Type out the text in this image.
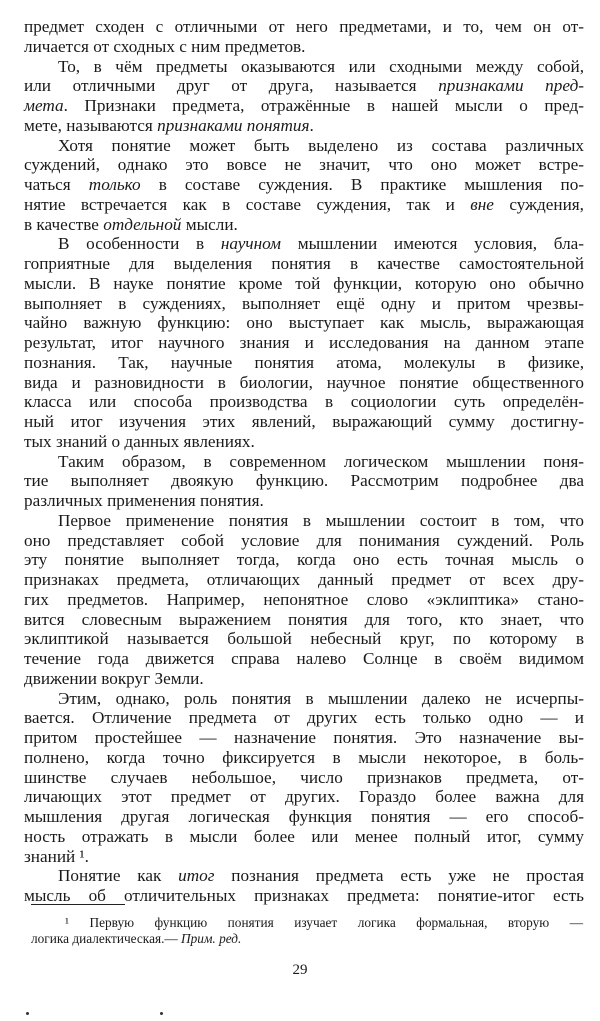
предмет сходен с отличными от него предметами, и то, чем он от-
личается от сходных с ним предметов.
То, в чём предметы оказываются или сходными между собой,
или отличными друг от друга, называется признаками пред-
мета. Признаки предмета, отражённые в нашей мысли о пред-
мете, называются признаками понятия.
Хотя понятие может быть выделено из состава различных
суждений, однако это вовсе не значит, что оно может встре-
чаться только в составе суждения. В практике мышления по-
нятие встречается как в составе суждения, так и вне суждения,
в качестве отдельной мысли.
В особенности в научном мышлении имеются условия, бла-
гоприятные для выделения понятия в качестве самостоятельной
мысли. В науке понятие кроме той функции, которую оно обычно
выполняет в суждениях, выполняет ещё одну и притом чрезвы-
чайно важную функцию: оно выступает как мысль, выражающая
результат, итог научного знания и исследования на данном этапе
познания. Так, научные понятия атома, молекулы в физике,
вида и разновидности в биологии, научное понятие общественного
класса или способа производства в социологии суть определён-
ный итог изучения этих явлений, выражающий сумму достигну-
тых знаний о данных явлениях.
Таким образом, в современном логическом мышлении поня-
тие выполняет двоякую функцию. Рассмотрим подробнее два
различных применения понятия.
Первое применение понятия в мышлении состоит в том, что
оно представляет собой условие для понимания суждений. Роль
эту понятие выполняет тогда, когда оно есть точная мысль о
признаках предмета, отличающих данный предмет от всех дру-
гих предметов. Например, непонятное слово «эклиптика» стано-
вится словесным выражением понятия для того, кто знает, что
эклиптикой называется большой небесный круг, по которому в
течение года движется справа налево Солнце в своём видимом
движении вокруг Земли.
Этим, однако, роль понятия в мышлении далеко не исчерпы-
вается. Отличение предмета от других есть только одно — и
притом простейшее — назначение понятия. Это назначение вы-
полнено, когда точно фиксируется в мысли некоторое, в боль-
шинстве случаев небольшое, число признаков предмета, от-
личающих этот предмет от других. Гораздо более важна для
мышления другая логическая функция понятия — его способ-
ность отражать в мысли более или менее полный итог, сумму
знаний ¹.
Понятие как итог познания предмета есть уже не простая
мысль об отличительных признаках предмета: понятие-итог есть
¹ Первую функцию понятия изучает логика формальная, вторую —
логика диалектическая.— Прим. ред.
29
